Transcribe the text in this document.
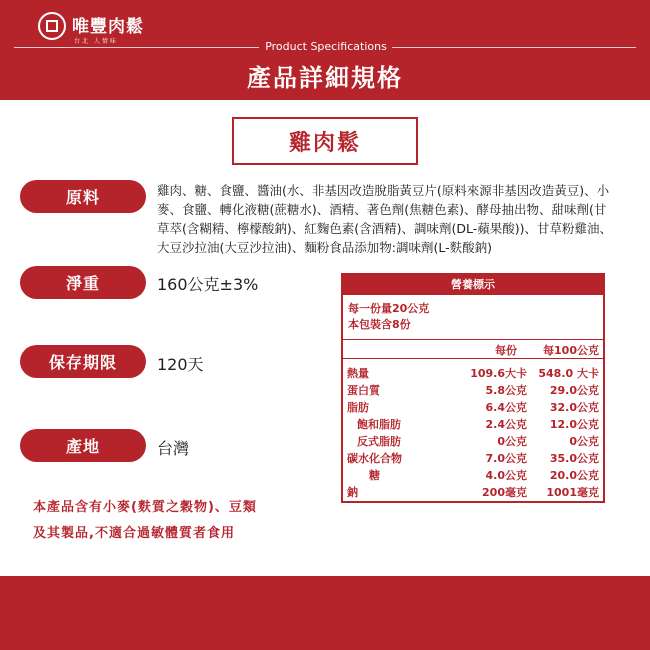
唯豐肉鬆
台北 人情味	Product Specifications
產品詳細規格
雞肉鬆
原料	雞肉、糖、食鹽、醬油(水、非基因改造脫脂黃豆片(原料來源非基因改造黃豆)、小麥、食鹽、轉化液糖(蔗糖水)、酒精、著色劑(焦糖色素)、酵母抽出物、甜味劑(甘草萃(含糊精、檸檬酸鈉)、紅麴色素(含酒精)、調味劑(DL-蘋果酸))、甘草粉雞油、大豆沙拉油(大豆沙拉油)、麵粉食品添加物:調味劑(L-麩酸鈉)
淨重	160公克±3%
保存期限	120天
產地	台灣
本產品含有小麥(麩質之穀物)、豆類
及其製品,不適合過敏體質者食用
營養標示
每一份量20公克
本包裝含8份
每份	每100公克
熱量	109.6大卡	548.0 大卡
蛋白質	5.8公克	29.0公克
脂肪	6.4公克	32.0公克
飽和脂肪	2.4公克	12.0公克
反式脂肪	0公克	0公克
碳水化合物	7.0公克	35.0公克
糖	4.0公克	20.0公克
鈉	200毫克	1001毫克
